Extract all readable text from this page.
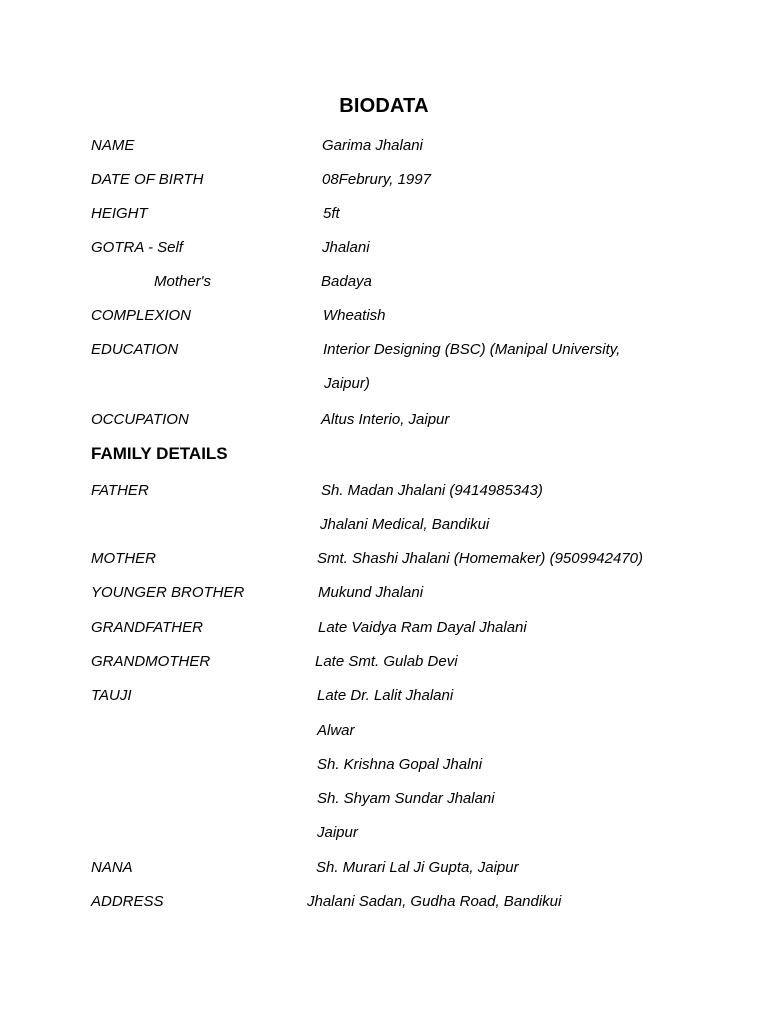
BIODATA
NAME	Garima Jhalani
DATE OF BIRTH	08Februry, 1997
HEIGHT	5ft
GOTRA - Self	Jhalani
Mother's	Badaya
COMPLEXION	Wheatish
EDUCATION	Interior Designing (BSC) (Manipal University,
Jaipur)
OCCUPATION	Altus Interio, Jaipur
FAMILY DETAILS
FATHER	Sh. Madan Jhalani (9414985343)
Jhalani Medical, Bandikui
MOTHER	Smt. Shashi Jhalani (Homemaker) (9509942470)
YOUNGER BROTHER	Mukund Jhalani
GRANDFATHER	Late Vaidya Ram Dayal Jhalani
GRANDMOTHER	Late Smt. Gulab Devi
TAUJI	Late Dr. Lalit Jhalani
Alwar
Sh. Krishna Gopal Jhalni
Sh. Shyam Sundar Jhalani
Jaipur
NANA	Sh. Murari Lal Ji Gupta, Jaipur
ADDRESS	Jhalani Sadan, Gudha Road, Bandikui
